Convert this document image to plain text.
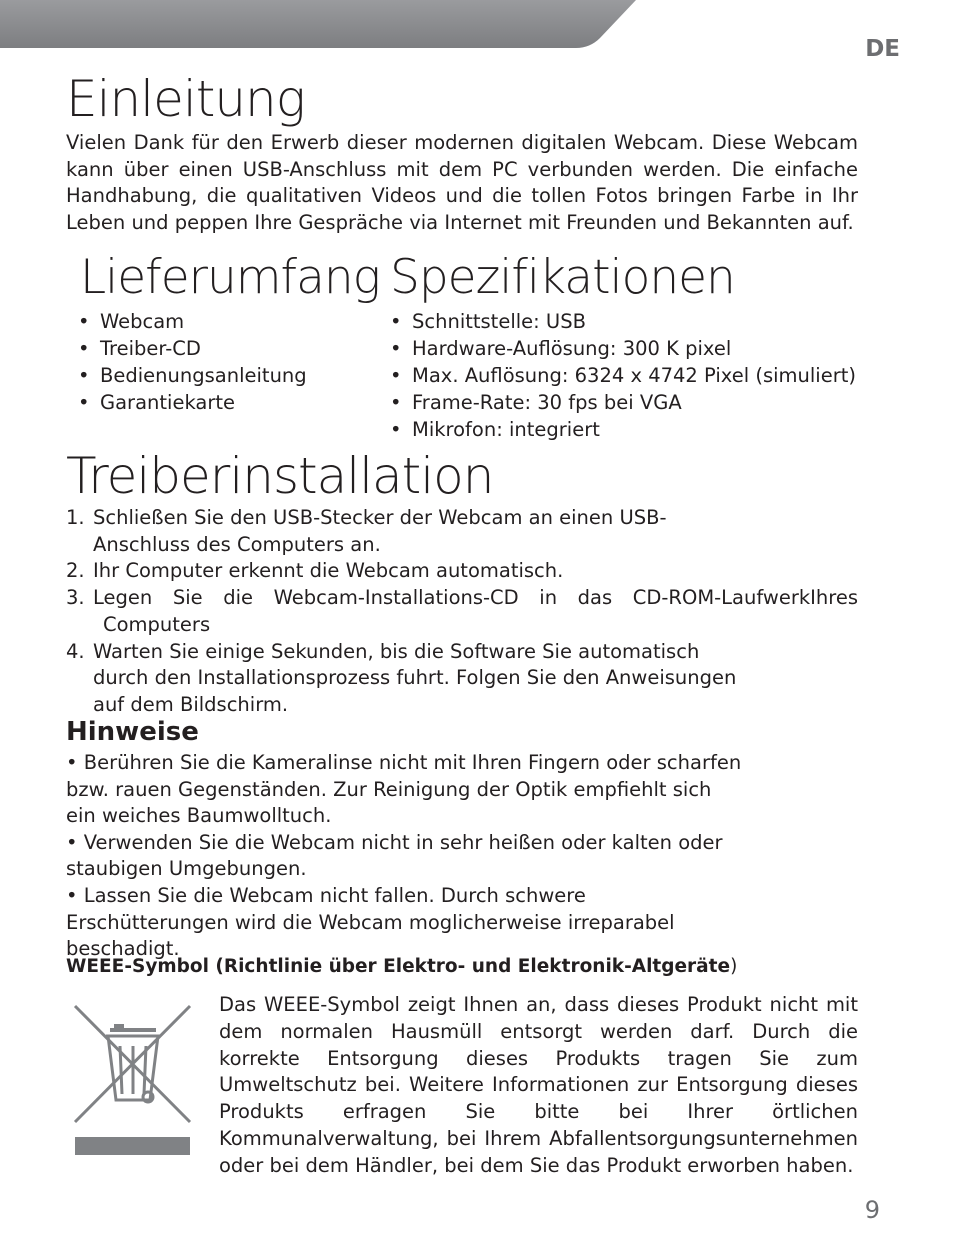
DE
Einleitung

Vielen Dank für den Erwerb dieser modernen digitalen Webcam. Diese Webcam kann über einen USB-Anschluss mit dem PC verbunden werden. Die einfache Handhabung, die qualitativen Videos und die tollen Fotos bringen Farbe in Ihr Leben und peppen Ihre Gespräche via Internet mit Freunden und Bekannten auf.

Lieferumfang
• Webcam
• Treiber-CD
• Bedienungsanleitung
• Garantiekarte
Spezifikationen
• Schnittstelle: USB
• Hardware-Auflösung: 300 K pixel
• Max. Auflösung: 6324 x 4742 Pixel (simuliert)
• Frame-Rate: 30 fps bei VGA
• Mikrofon: integriert
Treiberinstallation
1. Schließen Sie den USB-Stecker der Webcam an einen USB-Anschluss des Computers an.
2. Ihr Computer erkennt die Webcam automatisch.
3. Legen Sie die Webcam-Installations-CD in das CD-ROM-LaufwerkIhres
Computers
4. Warten Sie einige Sekunden, bis die Software Sie automatisch durch den Installationsprozess fuhrt. Folgen Sie den Anweisungen auf dem Bildschirm.
Hinweise

• Berühren Sie die Kameralinse nicht mit Ihren Fingern oder scharfen bzw. rauen Gegenständen. Zur Reinigung der Optik empfiehlt sich ein weiches Baumwolltuch.

• Verwenden Sie die Webcam nicht in sehr heißen oder kalten oder staubigen Umgebungen.

• Lassen Sie die Webcam nicht fallen. Durch schwere Erschütterungen wird die Webcam moglicherweise irreparabel beschadigt.

WEEE-Symbol (Richtlinie über Elektro- und Elektronik-Altgeräte)

Das WEEE-Symbol zeigt Ihnen an, dass dieses Produkt nicht mit dem normalen Hausmüll entsorgt werden darf. Durch die korrekte Entsorgung dieses Produkts tragen Sie zum Umweltschutz bei. Weitere Informationen zur Entsorgung dieses Produkts erfragen Sie bitte bei Ihrer örtlichen Kommunalverwaltung, bei Ihrem Abfallentsorgungsunternehmen oder bei dem Händler, bei dem Sie das Produkt erworben haben.

9
